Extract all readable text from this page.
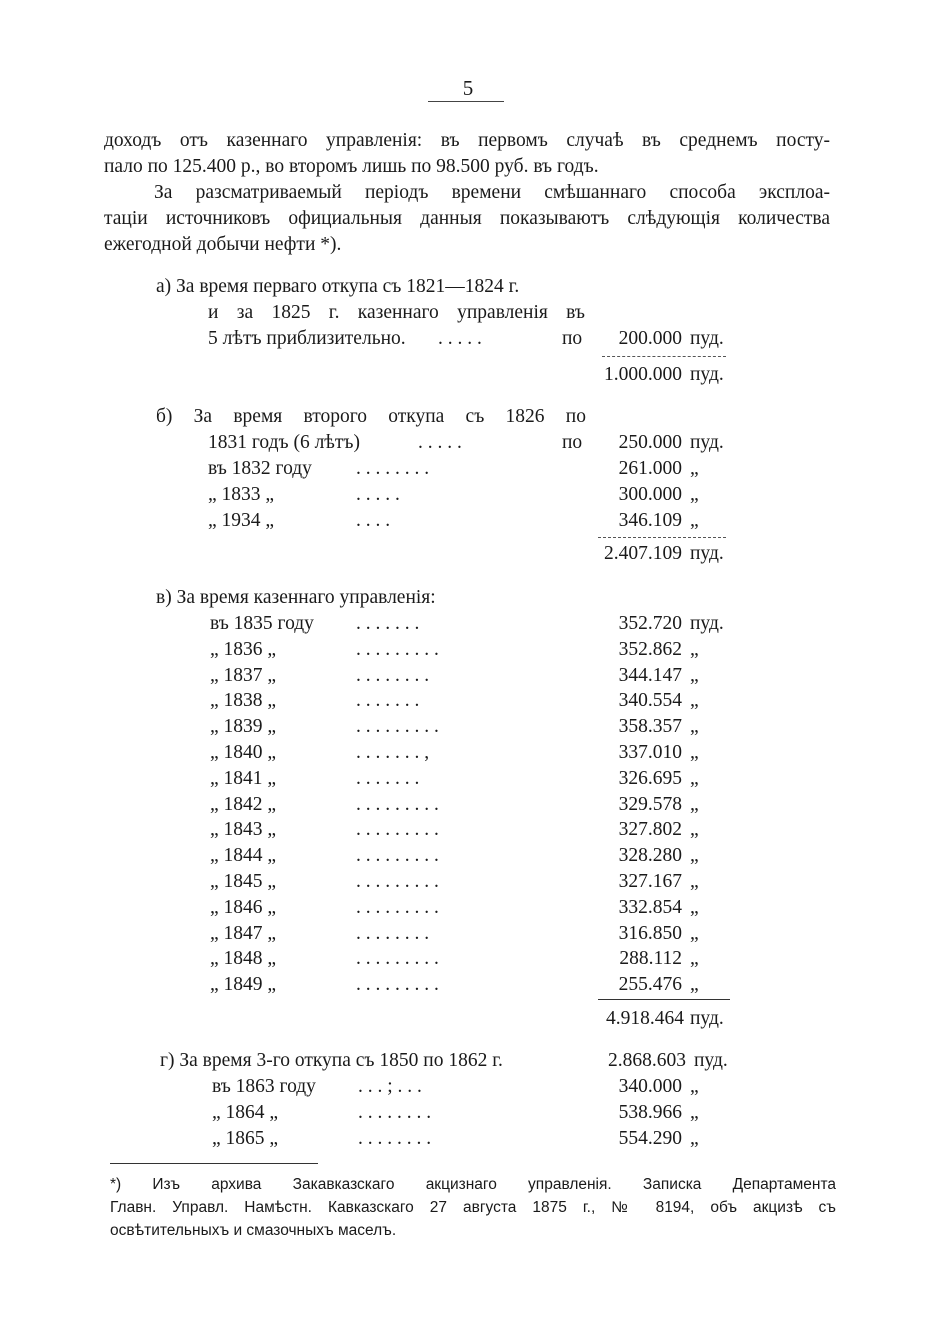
5
доходъ отъ казеннаго управленія: въ первомъ случаѣ въ среднемъ посту-
пало по 125.400 р., во второмъ лишь по 98.500 руб. въ годъ.
За разсматриваемый періодъ времени смѣшаннаго способа эксплоа-
таціи источниковъ официальныя данныя показываютъ слѣдующія количества
ежегодной добычи нефти *).
а) За время перваго откупа съ 1821—1824 г.
и за 1825 г. казеннаго управленія въ
5 лѣтъ приблизительно. . . . . .	по 200.000 пуд.
1.000.000 пуд.
б) За время второго откупа съ 1826 по
1831 годъ (6 лѣтъ)	. . . . .	по 250.000 пуд.
въ 1832 году . . . . . . . .	261.000 „
„ 1833 „	. . . . .	300.000 „
„ 1934 „	. . . .	346.109 „
2.407.109 пуд.
в) За время казеннаго управленія:
въ 1835 году . . . . . . .	352.720 пуд.
„ 1836 „	. . . . . . . . .	352.862 „
„ 1837 „	. . . . . . . .	344.147 „
„ 1838 „	. . . . . . .	340.554 „
„ 1839 „	. . . . . . . . .	358.357 „
„ 1840 „	. . . . . . . ,	337.010 „
„ 1841 „	. . . . . . .	326.695 „
„ 1842 „	. . . . . . . . .	329.578 „
„ 1843 „	. . . . . . . . .	327.802 „
„ 1844 „	. . . . . . . . .	328.280 „
„ 1845 „	. . . . . . . . .	327.167 „
„ 1846 „	. . . . . . . . .	332.854 „
„ 1847 „	. . . . . . . .	316.850 „
„ 1848 „	. . . . . . . . .	288.112 „
„ 1849 „	. . . . . . . . .	255.476 „
4.918.464 пуд.
г) За время 3-го откупа съ 1850 по 1862 г.	2.868.603 пуд.
въ 1863 году . . . ; . . .	340.000 „
„ 1864 „	. . . . . . . .	538.966 „
„ 1865 „	. . . . . . . .	554.290 „
*) Изъ архива Закавказскаго акцизнаго управленія. Записка Департамента
Главн. Управл. Намѣстн. Кавказскаго 27 августа 1875 г., № 8194, объ акцизѣ съ
освѣтительныхъ и смазочныхъ маселъ.
